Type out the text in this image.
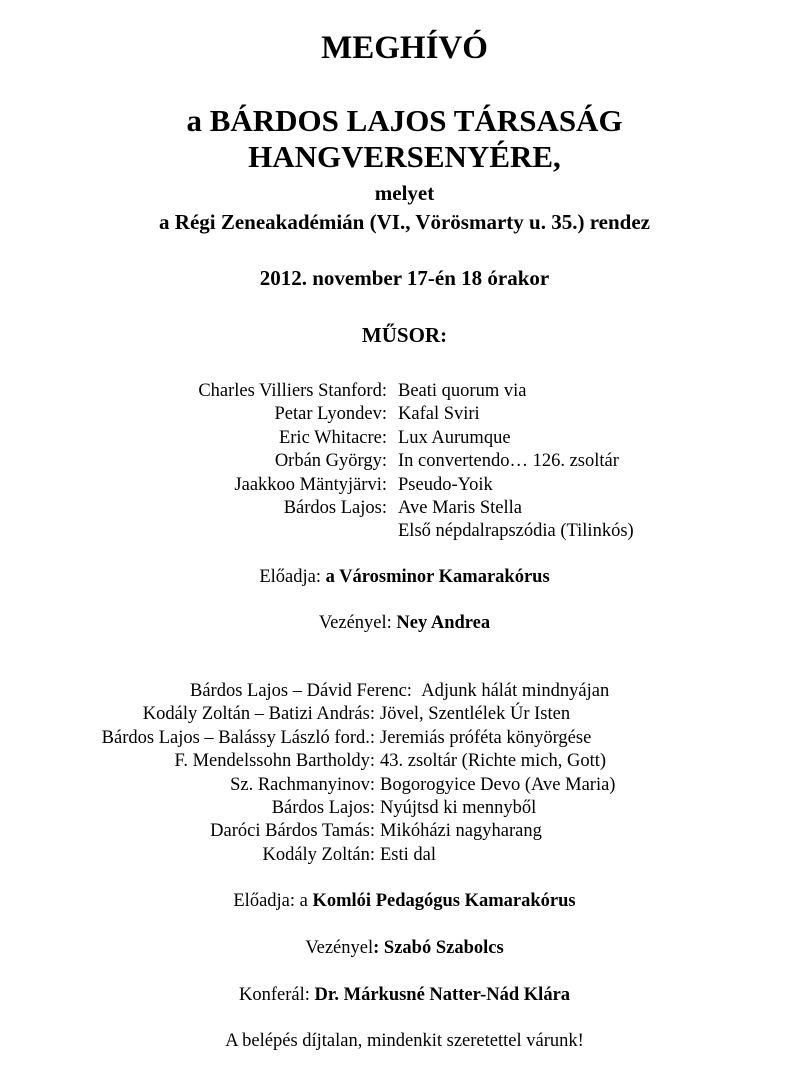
MEGHÍVÓ
a BÁRDOS LAJOS TÁRSASÁG
HANGVERSENYÉRE,
melyet
a Régi Zeneakadémián (VI., Vörösmarty u. 35.) rendez
2012. november 17-én 18 órakor
MŰSOR:
Charles Villiers Stanford: Beati quorum via
Petar Lyondev: Kafal Sviri
Eric Whitacre: Lux Aurumque
Orbán György: In convertendo… 126. zsoltár
Jaakkoo Mäntyjärvi: Pseudo-Yoik
Bárdos Lajos: Ave Maris Stella
Első népdalrapszódia (Tilinkós)
Előadja: a Városminor Kamarakórus
Vezényel: Ney Andrea
Bárdos Lajos – Dávid Ferenc: Adjunk hálát mindnyájan
Kodály Zoltán – Batizi András: Jövel, Szentlélek Úr Isten
Bárdos Lajos – Balássy László ford.: Jeremiás próféta könyörgése
F. Mendelssohn Bartholdy: 43. zsoltár (Richte mich, Gott)
Sz. Rachmanyinov: Bogorogyice Devo (Ave Maria)
Bárdos Lajos: Nyújtsd ki mennyből
Daróci Bárdos Tamás: Mikóházi nagyharang
Kodály Zoltán: Esti dal
Előadja: a Komlói Pedagógus Kamarakórus
Vezényel: Szabó Szabolcs
Konferál: Dr. Márkusné Natter-Nád Klára
A belépés díjtalan, mindenkit szeretettel várunk!
